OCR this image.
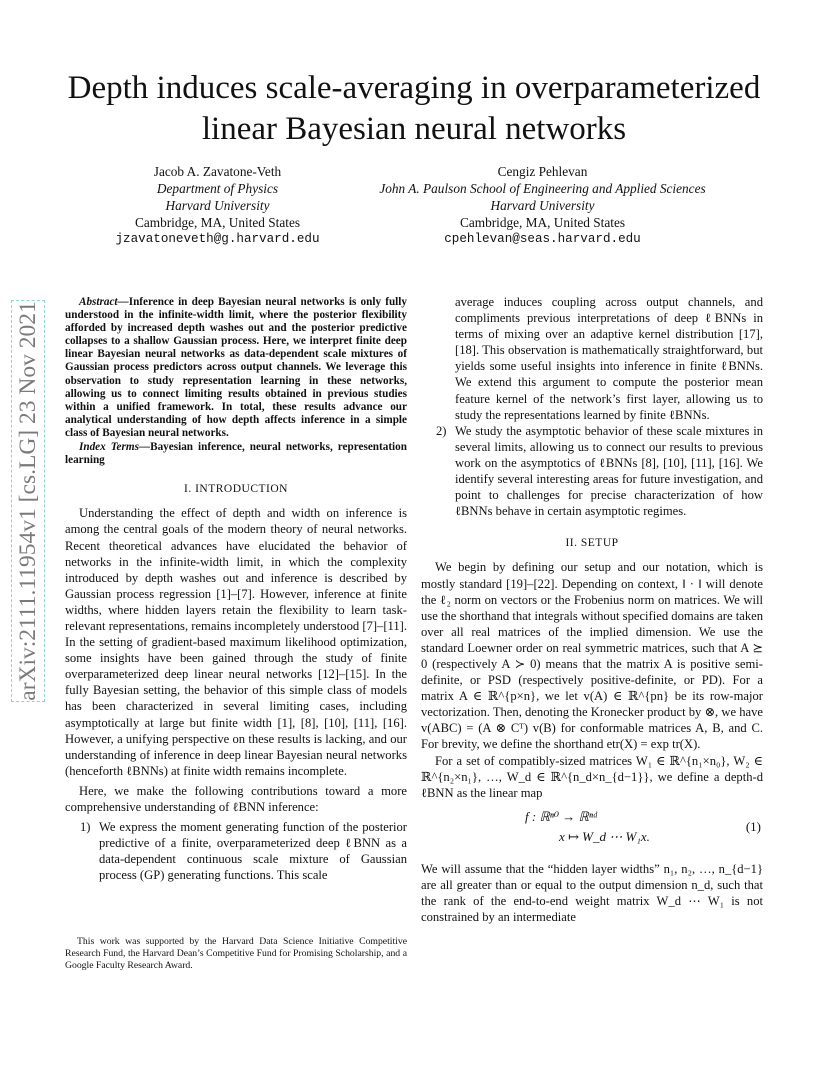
arXiv:2111.11954v1 [cs.LG] 23 Nov 2021
Depth induces scale-averaging in overparameterized linear Bayesian neural networks
Jacob A. Zavatone-Veth
Department of Physics
Harvard University
Cambridge, MA, United States
jzavatoneveth@g.harvard.edu
Cengiz Pehlevan
John A. Paulson School of Engineering and Applied Sciences
Harvard University
Cambridge, MA, United States
cpehlevan@seas.harvard.edu
Abstract—Inference in deep Bayesian neural networks is only fully understood in the infinite-width limit, where the posterior flexibility afforded by increased depth washes out and the posterior predictive collapses to a shallow Gaussian process. Here, we interpret finite deep linear Bayesian neural networks as data-dependent scale mixtures of Gaussian process predictors across output channels. We leverage this observation to study representation learning in these networks, allowing us to connect limiting results obtained in previous studies within a unified framework. In total, these results advance our analytical understanding of how depth affects inference in a simple class of Bayesian neural networks.
Index Terms—Bayesian inference, neural networks, representation learning
I. INTRODUCTION

Understanding the effect of depth and width on inference is among the central goals of the modern theory of neural networks. Recent theoretical advances have elucidated the behavior of networks in the infinite-width limit, in which the complexity introduced by depth washes out and inference is described by Gaussian process regression [1]–[7]. However, inference at finite widths, where hidden layers retain the flexibility to learn task-relevant representations, remains incompletely understood [7]–[11]. In the setting of gradient-based maximum likelihood optimization, some insights have been gained through the study of finite overparameterized deep linear neural networks [12]–[15]. In the fully Bayesian setting, the behavior of this simple class of models has been characterized in several limiting cases, including asymptotically at large but finite width [1], [8], [10], [11], [16]. However, a unifying perspective on these results is lacking, and our understanding of inference in deep linear Bayesian neural networks (henceforth ℓBNNs) at finite width remains incomplete.

Here, we make the following contributions toward a more comprehensive understanding of ℓBNN inference:

1) We express the moment generating function of the posterior predictive of a finite, overparameterized deep ℓBNN as a data-dependent continuous scale mixture of Gaussian process (GP) generating functions. This scale
This work was supported by the Harvard Data Science Initiative Competitive Research Fund, the Harvard Dean’s Competitive Fund for Promising Scholarship, and a Google Faculty Research Award.
average induces coupling across output channels, and compliments previous interpretations of deep ℓBNNs in terms of mixing over an adaptive kernel distribution [17], [18]. This observation is mathematically straightforward, but yields some useful insights into inference in finite ℓBNNs. We extend this argument to compute the posterior mean feature kernel of the network’s first layer, allowing us to study the representations learned by finite ℓBNNs.
2) We study the asymptotic behavior of these scale mixtures in several limits, allowing us to connect our results to previous work on the asymptotics of ℓBNNs [8], [10], [11], [16]. We identify several interesting areas for future investigation, and point to challenges for precise characterization of how ℓBNNs behave in certain asymptotic regimes.
II. SETUP

We begin by defining our setup and our notation, which is mostly standard [19]–[22]. Depending on context, ‖ · ‖ will denote the ℓ₂ norm on vectors or the Frobenius norm on matrices. We will use the shorthand that integrals without specified domains are taken over all real matrices of the implied dimension. We use the standard Loewner order on real symmetric matrices, such that A ⪰ 0 (respectively A ≻ 0) means that the matrix A is positive semi-definite, or PSD (respectively positive-definite, or PD). For a matrix A ∈ ℝ^{p×n}, we let v(A) ∈ ℝ^{pn} be its row-major vectorization. Then, denoting the Kronecker product by ⊗, we have v(ABC) = (A ⊗ Cᵀ) v(B) for conformable matrices A, B, and C. For brevity, we define the shorthand etr(X) = exp tr(X).

For a set of compatibly-sized matrices W₁ ∈ ℝ^{n₁×n₀}, W₂ ∈ ℝ^{n₂×n₁}, …, W_d ∈ ℝ^{n_d×n_{d−1}}, we define a depth-d ℓBNN as the linear map

f : ℝⁿ⁰ → ℝⁿᵈ
x ↦ W_d ⋯ W₁x.
(1)

We will assume that the “hidden layer widths” n₁, n₂, …, n_{d−1} are all greater than or equal to the output dimension n_d, such that the rank of the end-to-end weight matrix W_d ⋯ W₁ is not constrained by an intermediate
